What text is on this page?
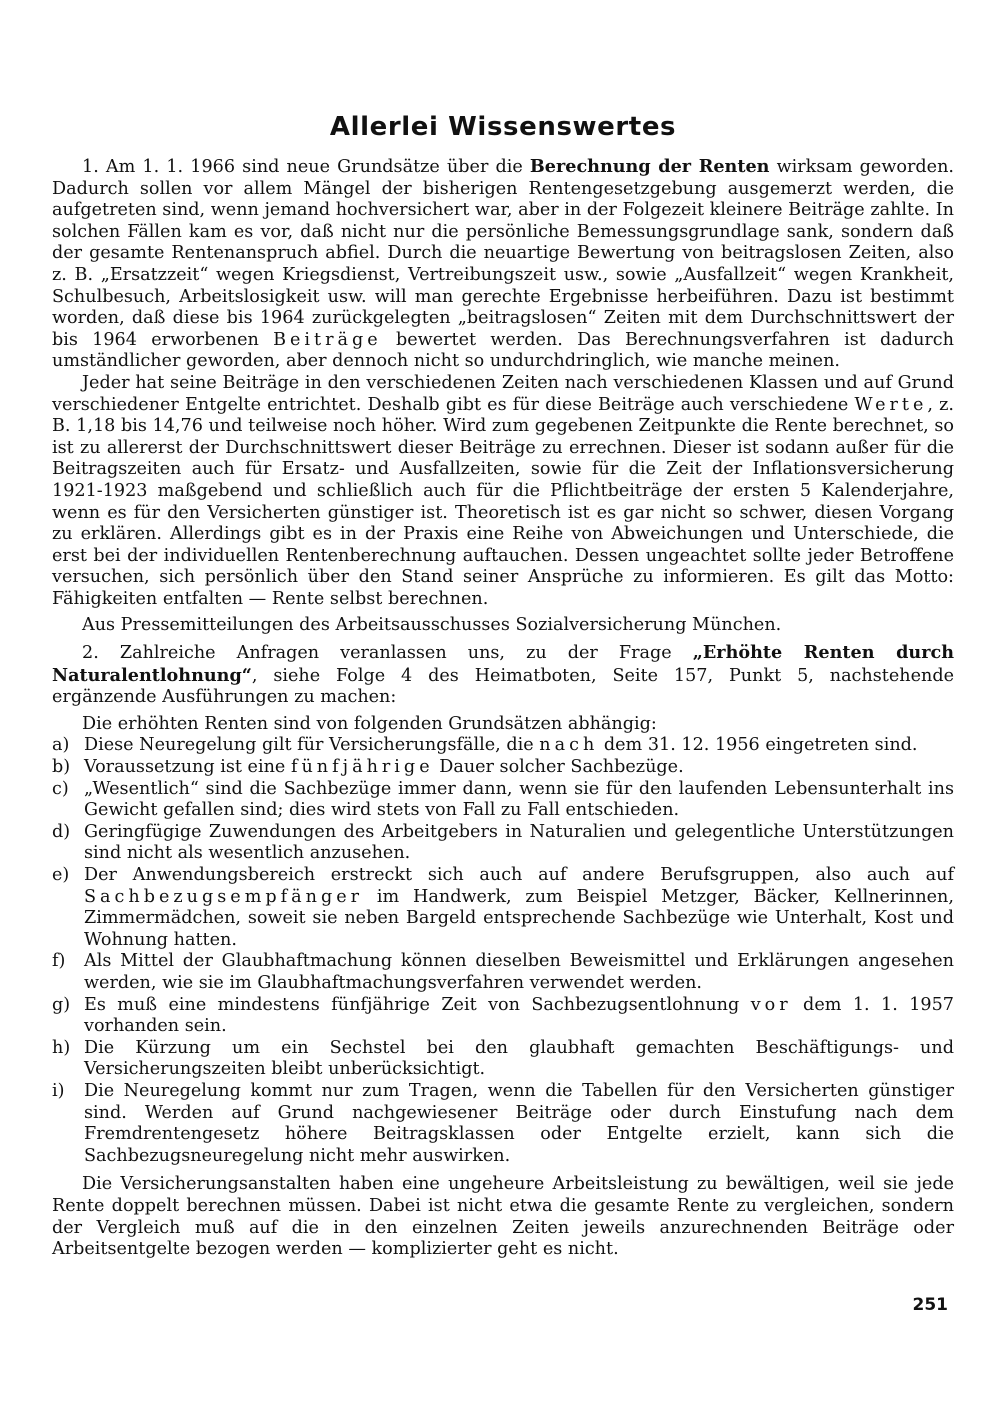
Allerlei Wissenswertes

1. Am 1. 1. 1966 sind neue Grundsätze über die Berechnung der Renten wirksam geworden. Dadurch sollen vor allem Mängel der bisherigen Rentengesetzgebung ausgemerzt werden, die aufgetreten sind, wenn jemand hochversichert war, aber in der Folgezeit kleinere Beiträge zahlte. In solchen Fällen kam es vor, daß nicht nur die persönliche Bemessungsgrundlage sank, sondern daß der gesamte Rentenanspruch abfiel. Durch die neuartige Bewertung von beitragslosen Zeiten, also z. B. „Ersatzzeit“ wegen Kriegsdienst, Vertreibungszeit usw., sowie „Ausfallzeit“ wegen Krankheit, Schulbesuch, Arbeitslosigkeit usw. will man gerechte Ergebnisse herbeiführen. Dazu ist bestimmt worden, daß diese bis 1964 zurückgelegten „beitragslosen“ Zeiten mit dem Durchschnittswert der bis 1964 erworbenen Beiträge bewertet werden. Das Berechnungsverfahren ist dadurch umständlicher geworden, aber dennoch nicht so undurchdringlich, wie manche meinen.

Jeder hat seine Beiträge in den verschiedenen Zeiten nach verschiedenen Klassen und auf Grund verschiedener Entgelte entrichtet. Deshalb gibt es für diese Beiträge auch verschiedene Werte, z. B. 1,18 bis 14,76 und teilweise noch höher. Wird zum gegebenen Zeitpunkte die Rente berechnet, so ist zu allererst der Durchschnittswert dieser Beiträge zu errechnen. Dieser ist sodann außer für die Beitragszeiten auch für Ersatz- und Ausfallzeiten, sowie für die Zeit der Inflationsversicherung 1921-1923 maßgebend und schließlich auch für die Pflichtbeiträge der ersten 5 Kalenderjahre, wenn es für den Versicherten günstiger ist. Theoretisch ist es gar nicht so schwer, diesen Vorgang zu erklären. Allerdings gibt es in der Praxis eine Reihe von Abweichungen und Unterschiede, die erst bei der individuellen Rentenberechnung auftauchen. Dessen ungeachtet sollte jeder Betroffene versuchen, sich persönlich über den Stand seiner Ansprüche zu informieren. Es gilt das Motto: Fähigkeiten entfalten — Rente selbst berechnen.

Aus Pressemitteilungen des Arbeitsausschusses Sozialversicherung München.

2. Zahlreiche Anfragen veranlassen uns, zu der Frage „Erhöhte Renten durch Naturalentlohnung“, siehe Folge 4 des Heimatboten, Seite 157, Punkt 5, nachstehende ergänzende Ausführungen zu machen:

Die erhöhten Renten sind von folgenden Grundsätzen abhängig:

a) Diese Neuregelung gilt für Versicherungsfälle, die nach dem 31. 12. 1956 eingetreten sind.
b) Voraussetzung ist eine fünfjährige Dauer solcher Sachbezüge.
c) „Wesentlich“ sind die Sachbezüge immer dann, wenn sie für den laufenden Lebensunterhalt ins Gewicht gefallen sind; dies wird stets von Fall zu Fall entschieden.
d) Geringfügige Zuwendungen des Arbeitgebers in Naturalien und gelegentliche Unterstützungen sind nicht als wesentlich anzusehen.
e) Der Anwendungsbereich erstreckt sich auch auf andere Berufsgruppen, also auch auf Sachbezugsempfänger im Handwerk, zum Beispiel Metzger, Bäcker, Kellnerinnen, Zimmermädchen, soweit sie neben Bargeld entsprechende Sachbezüge wie Unterhalt, Kost und Wohnung hatten.
f) Als Mittel der Glaubhaftmachung können dieselben Beweismittel und Erklärungen angesehen werden, wie sie im Glaubhaftmachungsverfahren verwendet werden.
g) Es muß eine mindestens fünfjährige Zeit von Sachbezugsentlohnung vor dem 1. 1. 1957 vorhanden sein.
h) Die Kürzung um ein Sechstel bei den glaubhaft gemachten Beschäftigungs- und Versicherungszeiten bleibt unberücksichtigt.
i) Die Neuregelung kommt nur zum Tragen, wenn die Tabellen für den Versicherten günstiger sind. Werden auf Grund nachgewiesener Beiträge oder durch Einstufung nach dem Fremdrentengesetz höhere Beitragsklassen oder Entgelte erzielt, kann sich die Sachbezugsneuregelung nicht mehr auswirken.

Die Versicherungsanstalten haben eine ungeheure Arbeitsleistung zu bewältigen, weil sie jede Rente doppelt berechnen müssen. Dabei ist nicht etwa die gesamte Rente zu vergleichen, sondern der Vergleich muß auf die in den einzelnen Zeiten jeweils anzurechnenden Beiträge oder Arbeitsentgelte bezogen werden — komplizierter geht es nicht.

251
